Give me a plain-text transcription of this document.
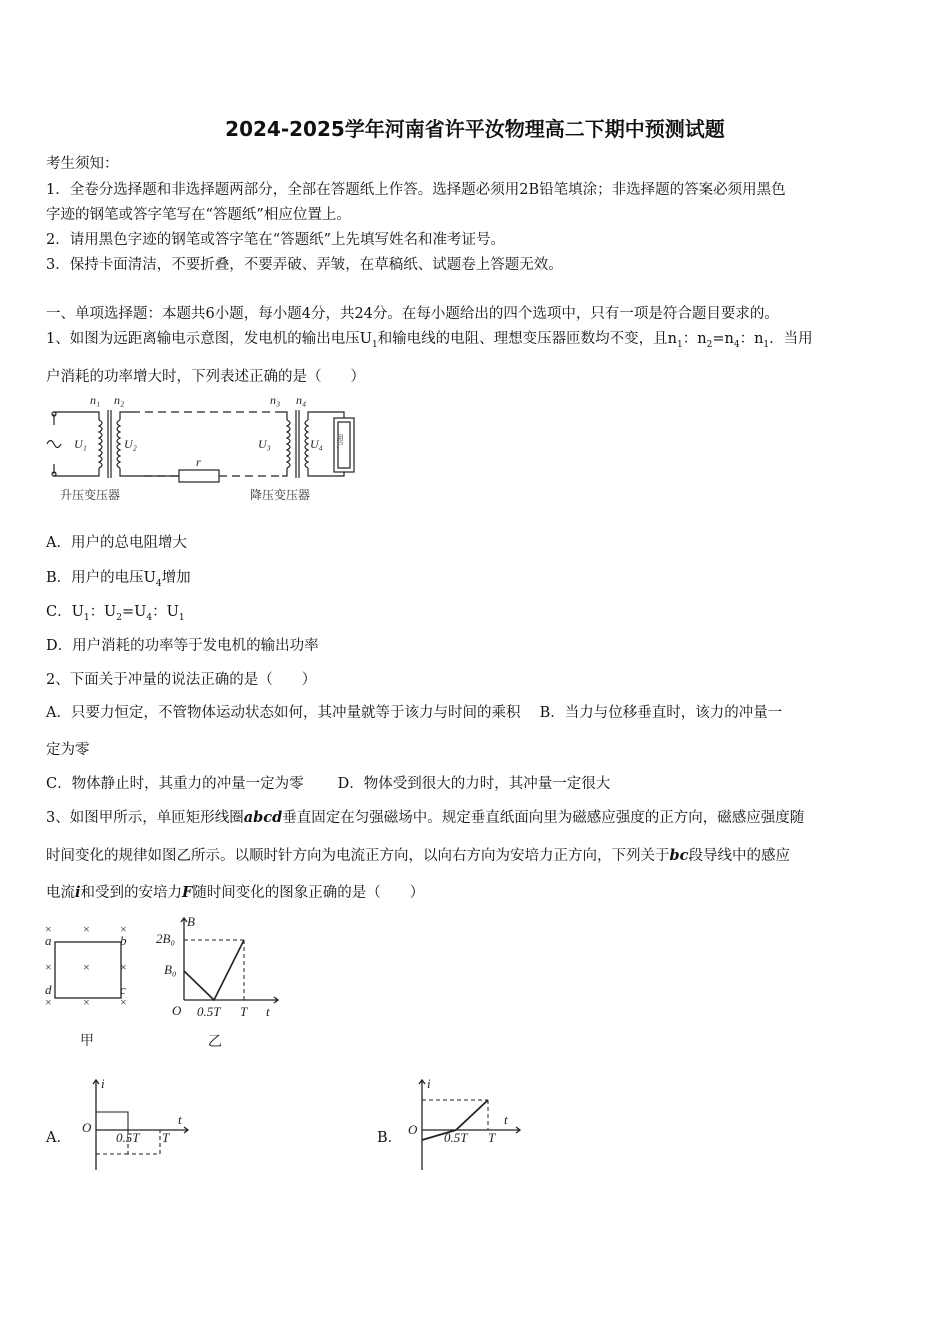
2024-2025学年河南省许平汝物理高二下期中预测试题
考生须知：
1．全卷分选择题和非选择题两部分，全部在答题纸上作答。选择题必须用2B铅笔填涂；非选择题的答案必须用黑色
字迹的钢笔或答字笔写在“答题纸”相应位置上。
2．请用黑色字迹的钢笔或答字笔在“答题纸”上先填写姓名和准考证号。
3．保持卡面清洁，不要折叠，不要弄破、弄皱，在草稿纸、试题卷上答题无效。
一、单项选择题：本题共6小题，每小题4分，共24分。在每小题给出的四个选项中，只有一项是符合题目要求的。
1、如图为远距离输电示意图，发电机的输出电压$U_1$和输电线的电阻、理想变压器匝数均不变，且$n_1$：$n_2=n_4$：$n_1$．当用
户消耗的功率增大时，下列表述正确的是（　　）
n₁ n₂	n₃ n₄
U₁	U₂	U₃	U₄
r
用户
升压变压器	降压变压器
A．用户的总电阻增大
B．用户的电压$U_4$增加
C．$U_1$：$U_2=U_4$：$U_1$
D．用户消耗的功率等于发电机的输出功率
2、下面关于冲量的说法正确的是（　　）
A．只要力恒定，不管物体运动状态如何，其冲量就等于该力与时间的乘积　 B．当力与位移垂直时，该力的冲量一
定为零
C．物体静止时，其重力的冲量一定为零 D．物体受到很大的力时，其冲量一定很大
3、如图甲所示，单匝矩形线圈abcd垂直固定在匀强磁场中。规定垂直纸面向里为磁感应强度的正方向，磁感应强度随
时间变化的规律如图乙所示。以顺时针方向为电流正方向，以向右方向为安培力正方向，下列关于bc段导线中的感应
电流i和受到的安培力F随时间变化的图象正确的是（　　）
×	×	×
×	×	×
×	×	×
a	b
c
d
甲
B
2B₀
B₀
O 0.5T T t
乙
A．
i
O
t
0.5T T	B．
i
O
t
0.5T T
